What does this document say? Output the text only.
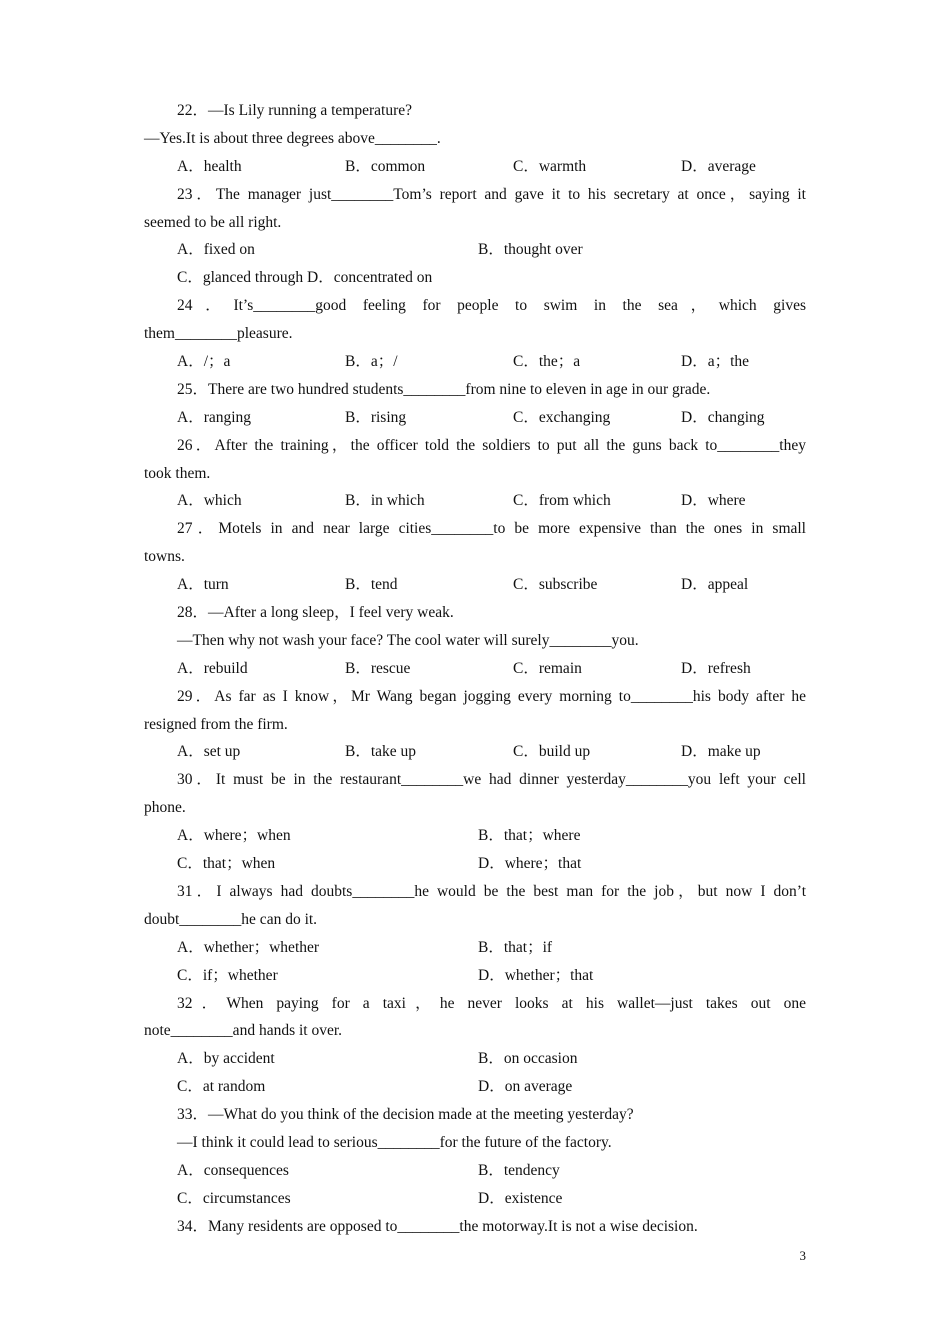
22．—Is Lily running a temperature?
—Yes.It is about three degrees above________.
A．health	B．common	C．warmth	D．average
23．The manager just________Tom’s report and gave it to his secretary at once，saying it
seemed to be all right.
A．fixed on	B．thought over
C．glanced through D．concentrated on
24．It’s________good feeling for people to swim in the sea，which gives
them________pleasure.
A．/；a	B．a；/	C．the；a	D．a；the
25．There are two hundred students________from nine to eleven in age in our grade.
A．ranging	B．rising	C．exchanging	D．changing
26．After the training，the officer told the soldiers to put all the guns back to________they
took them.
A．which	B．in which	C．from which	D．where
27．Motels in and near large cities________to be more expensive than the ones in small
towns.
A．turn	B．tend	C．subscribe	D．appeal
28．—After a long sleep，I feel very weak.
—Then why not wash your face? The cool water will surely________you.
A．rebuild	B．rescue	C．remain	D．refresh
29．As far as I know，Mr Wang began jogging every morning to________his body after he
resigned from the firm.
A．set up	B．take up	C．build up	D．make up
30．It must be in the restaurant________we had dinner yesterday________you left your cell
phone.
A．where；when	B．that；where
C．that；when	D．where；that
31．I always had doubts________he would be the best man for the job，but now I don’t
doubt________he can do it.
A．whether；whether	B．that；if
C．if；whether	D．whether；that
32．When paying for a taxi，he never looks at his wallet—just takes out one
note________and hands it over.
A．by accident	B．on occasion
C．at random	D．on average
33．—What do you think of the decision made at the meeting yesterday?
—I think it could lead to serious________for the future of the factory.
A．consequences	B．tendency
C．circumstances	D．existence
34．Many residents are opposed to________the motorway.It is not a wise decision.
3
